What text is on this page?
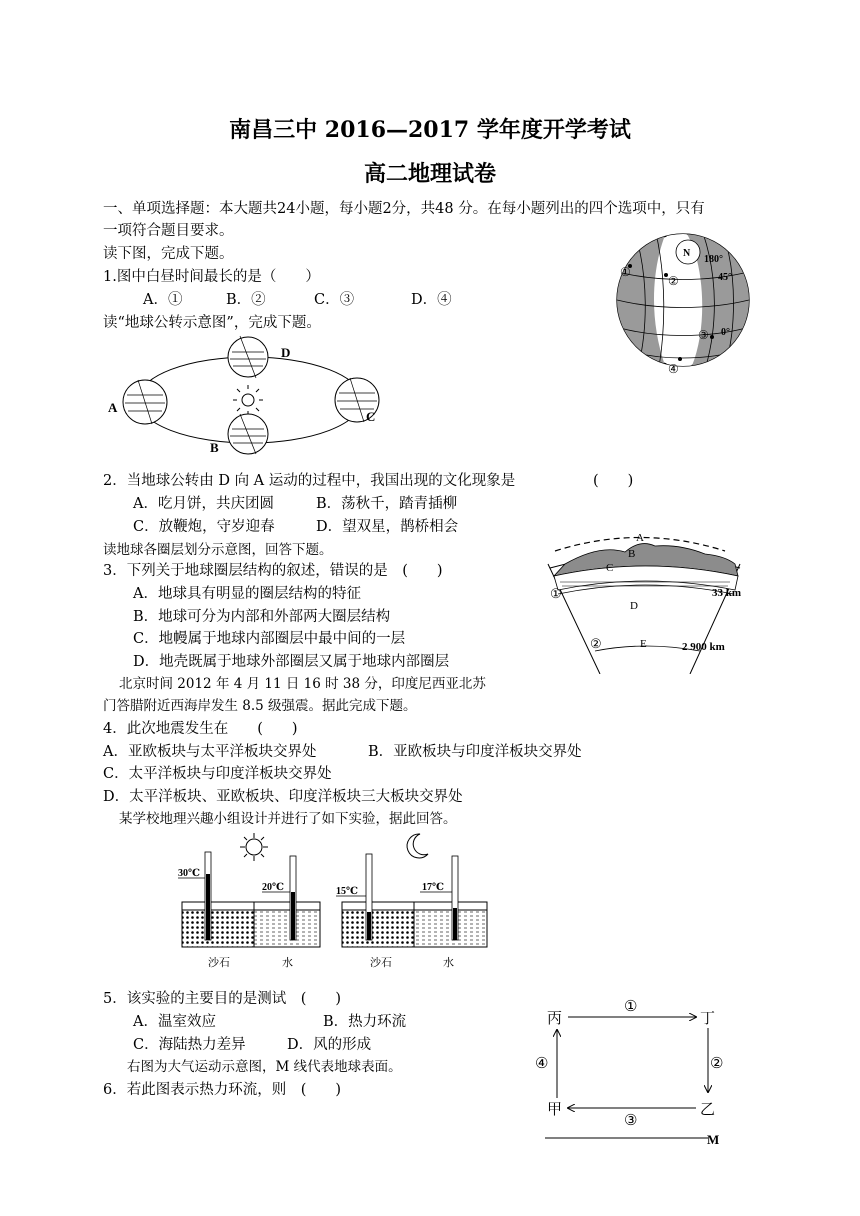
南昌三中 2016—2017 学年度开学考试
高二地理试卷
一、单项选择题：本大题共24小题，每小题2分，共48 分。在每小题列出的四个选项中，只有
一项符合题目要求。
读下图，完成下题。
1.图中白昼时间最长的是（　　）
A．①	B．②	C．③	D．④
读“地球公转示意图”，完成下题。
N
180°
45°
0°
①
②
③
④
A
B
C
D
2．当地球公转由 D 向 A 运动的过程中，我国出现的文化现象是	(　　)
A．吃月饼，共庆团圆	B．荡秋千，踏青插柳
C．放鞭炮，守岁迎春	D．望双星，鹊桥相会
A
B
C
D
E
①
②
33 km
2 900 km
读地球各圈层划分示意图，回答下题。
3．下列关于地球圈层结构的叙述，错误的是　(　　)
A．地球具有明显的圈层结构的特征
B．地球可分为内部和外部两大圈层结构
C．地幔属于地球内部圈层中最中间的一层
D．地壳既属于地球外部圈层又属于地球内部圈层
北京时间 2012 年 4 月 11 日 16 时 38 分，印度尼西亚北苏
门答腊附近西海岸发生 8.5 级强震。据此完成下题。
4．此次地震发生在　　(　　)
A．亚欧板块与太平洋板块交界处	B．亚欧板块与印度洋板块交界处
C．太平洋板块与印度洋板块交界处
D．太平洋板块、亚欧板块、印度洋板块三大板块交界处
某学校地理兴趣小组设计并进行了如下实验，据此回答。
30℃
20℃
沙石	水
15℃	17℃
沙石	水
5．该实验的主要目的是测试　(　　)
A．温室效应	B．热力环流
C．海陆热力差异	D．风的形成
右图为大气运动示意图，M 线代表地球表面。
6．若此图表示热力环流，则　(　　)
丙	丁
甲	乙
①
②
③
④
M
